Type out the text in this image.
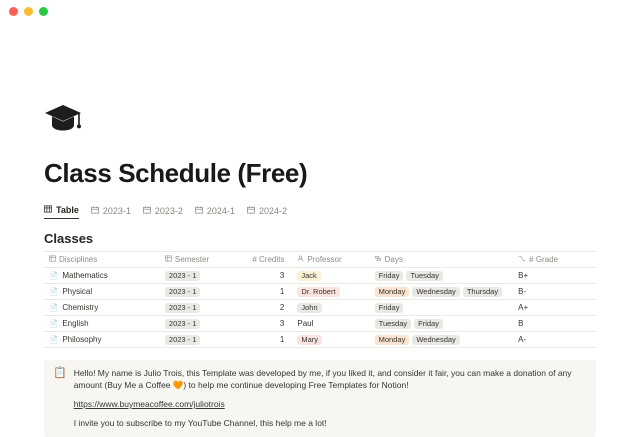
Class Schedule (Free)
Table	2023-1	2023-2	2024-1	2024-2
Classes
Disciplines	Semester	# Credits	Professor	Days	# Grade

📄 Mathematics	2023 - 1	3	Jack	Friday Tuesday	B+

📄 Physical	2023 - 1	1	Dr. Robert	Monday Wednesday Thursday	B-

📄 Chemistry	2023 - 1	2	John	Friday	A+

📄 English	2023 - 1	3	Paul	Tuesday Friday	B

📄 Philosophy	2023 - 1	1	Mary	Monday Wednesday	A-
📋 Hello! My name is Julio Trois, this Template was developed by me, if you liked it, and consider it fair, you can make a donation of any amount (Buy Me a Coffee 🧡) to help me continue developing Free Templates for Notion!

https://www.buymeacoffee.com/juliotrois

I invite you to subscribe to my YouTube Channel, this help me a lot!
